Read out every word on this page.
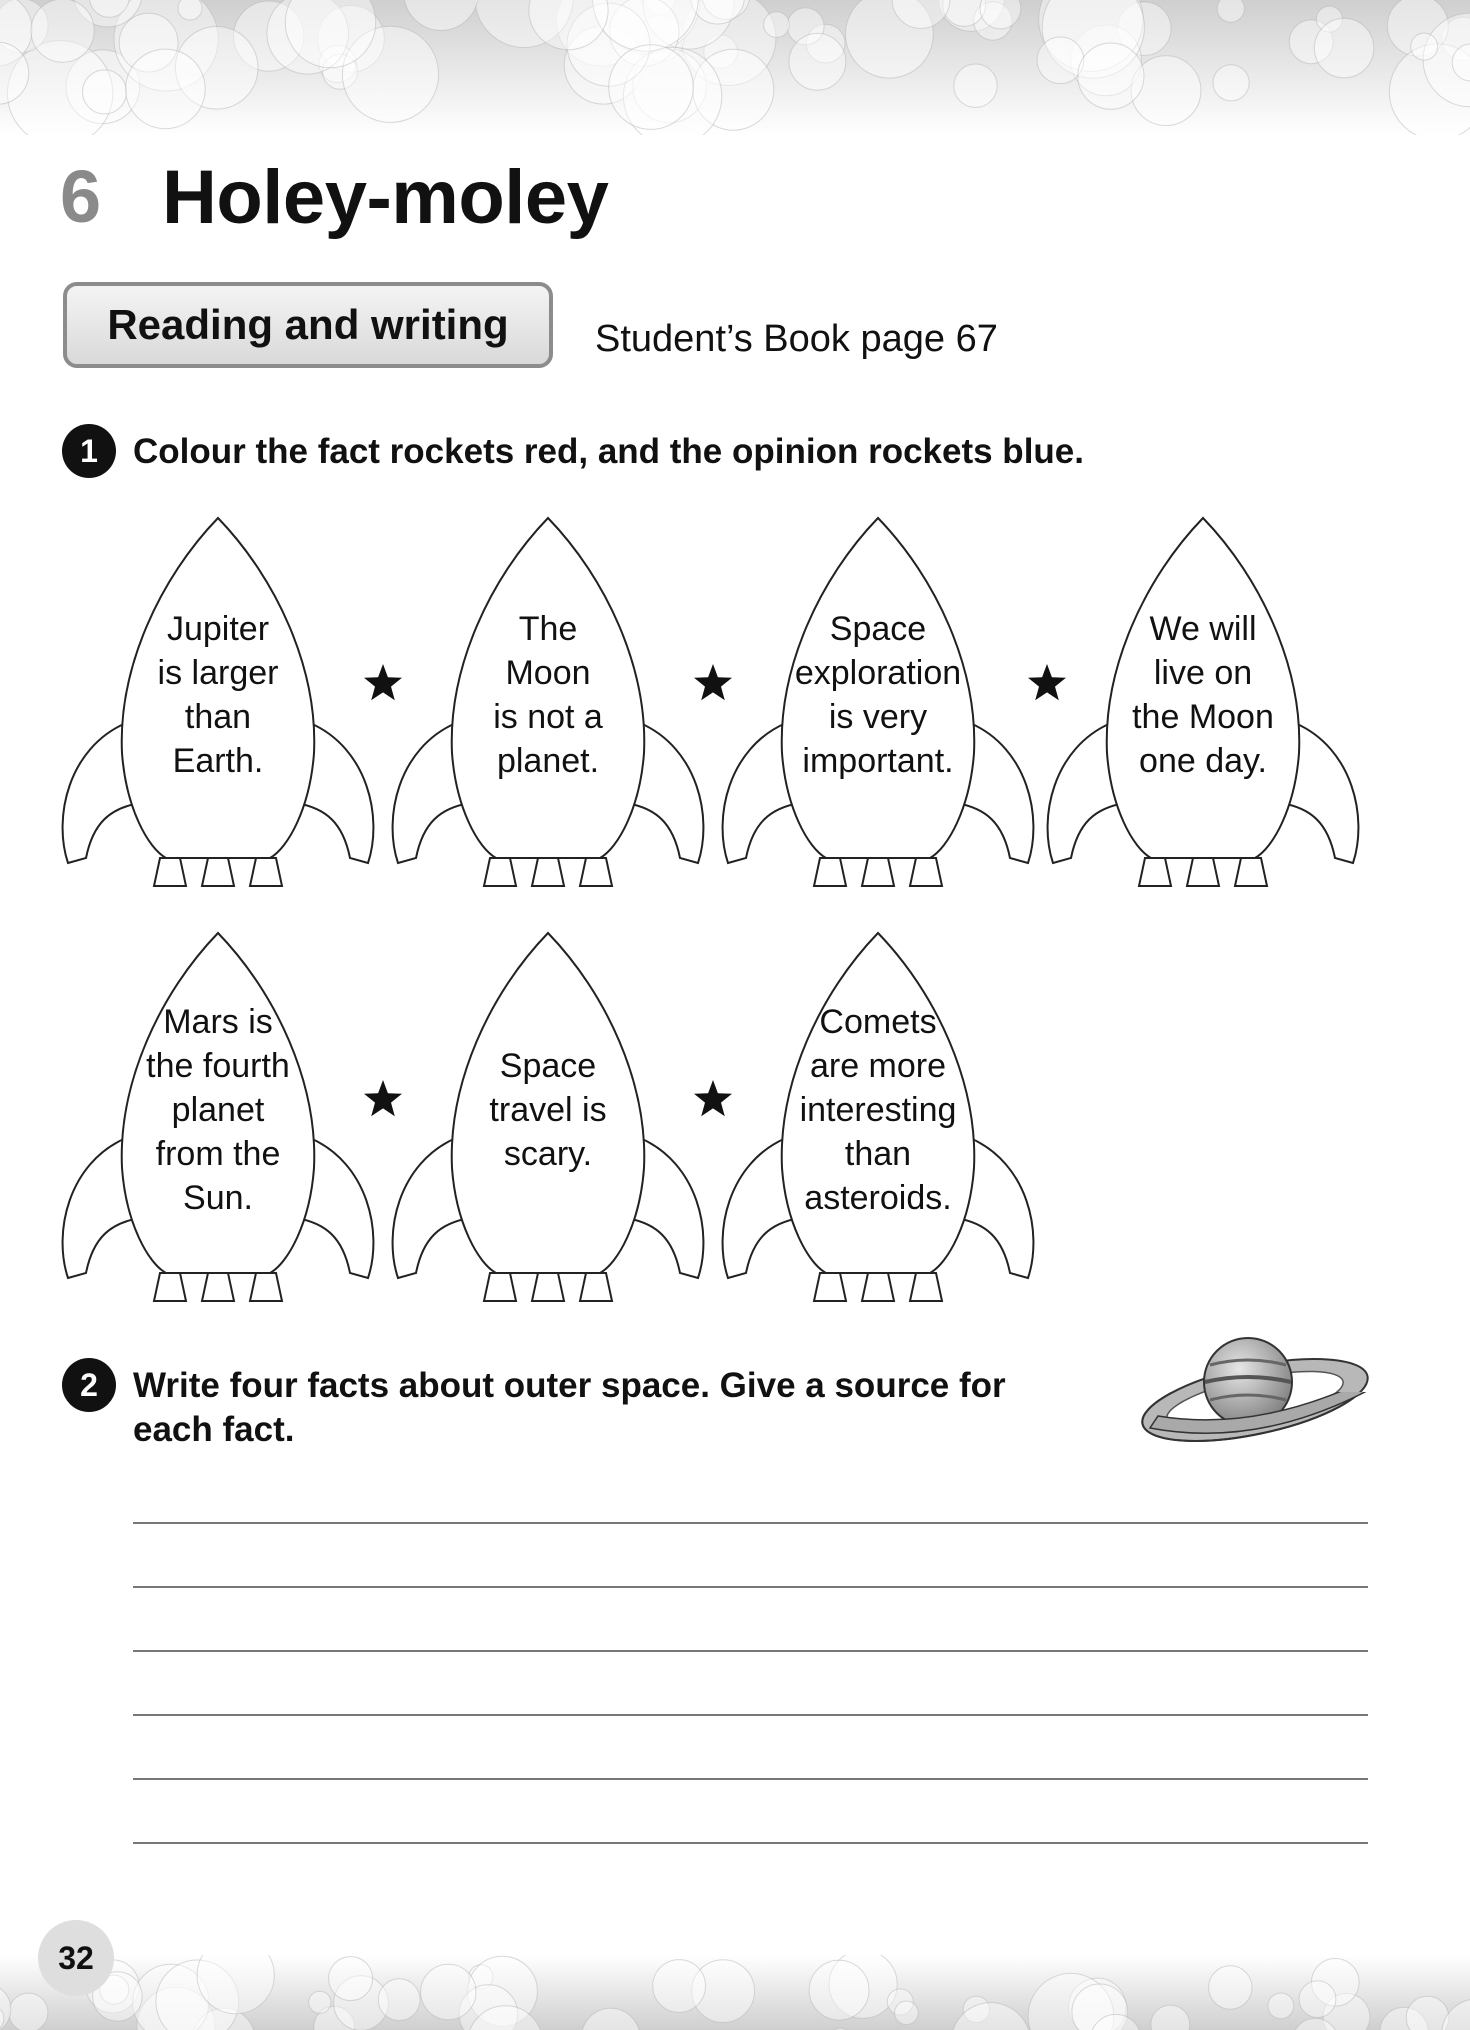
6 Holey-moley
Reading and writing Student’s Book page 67
1	Colour the fact rockets red, and the opinion rockets blue.
Jupiter
is larger
than
Earth.
The
Moon
is not a
planet.
Space
exploration
is very
important.
We will
live on
the Moon
one day.
Mars is
the fourth
planet
from the
Sun.
Space
travel is
scary.
Comets
are more
interesting
than
asteroids.
2	Write four facts about outer space. Give a source for
each fact.
32
